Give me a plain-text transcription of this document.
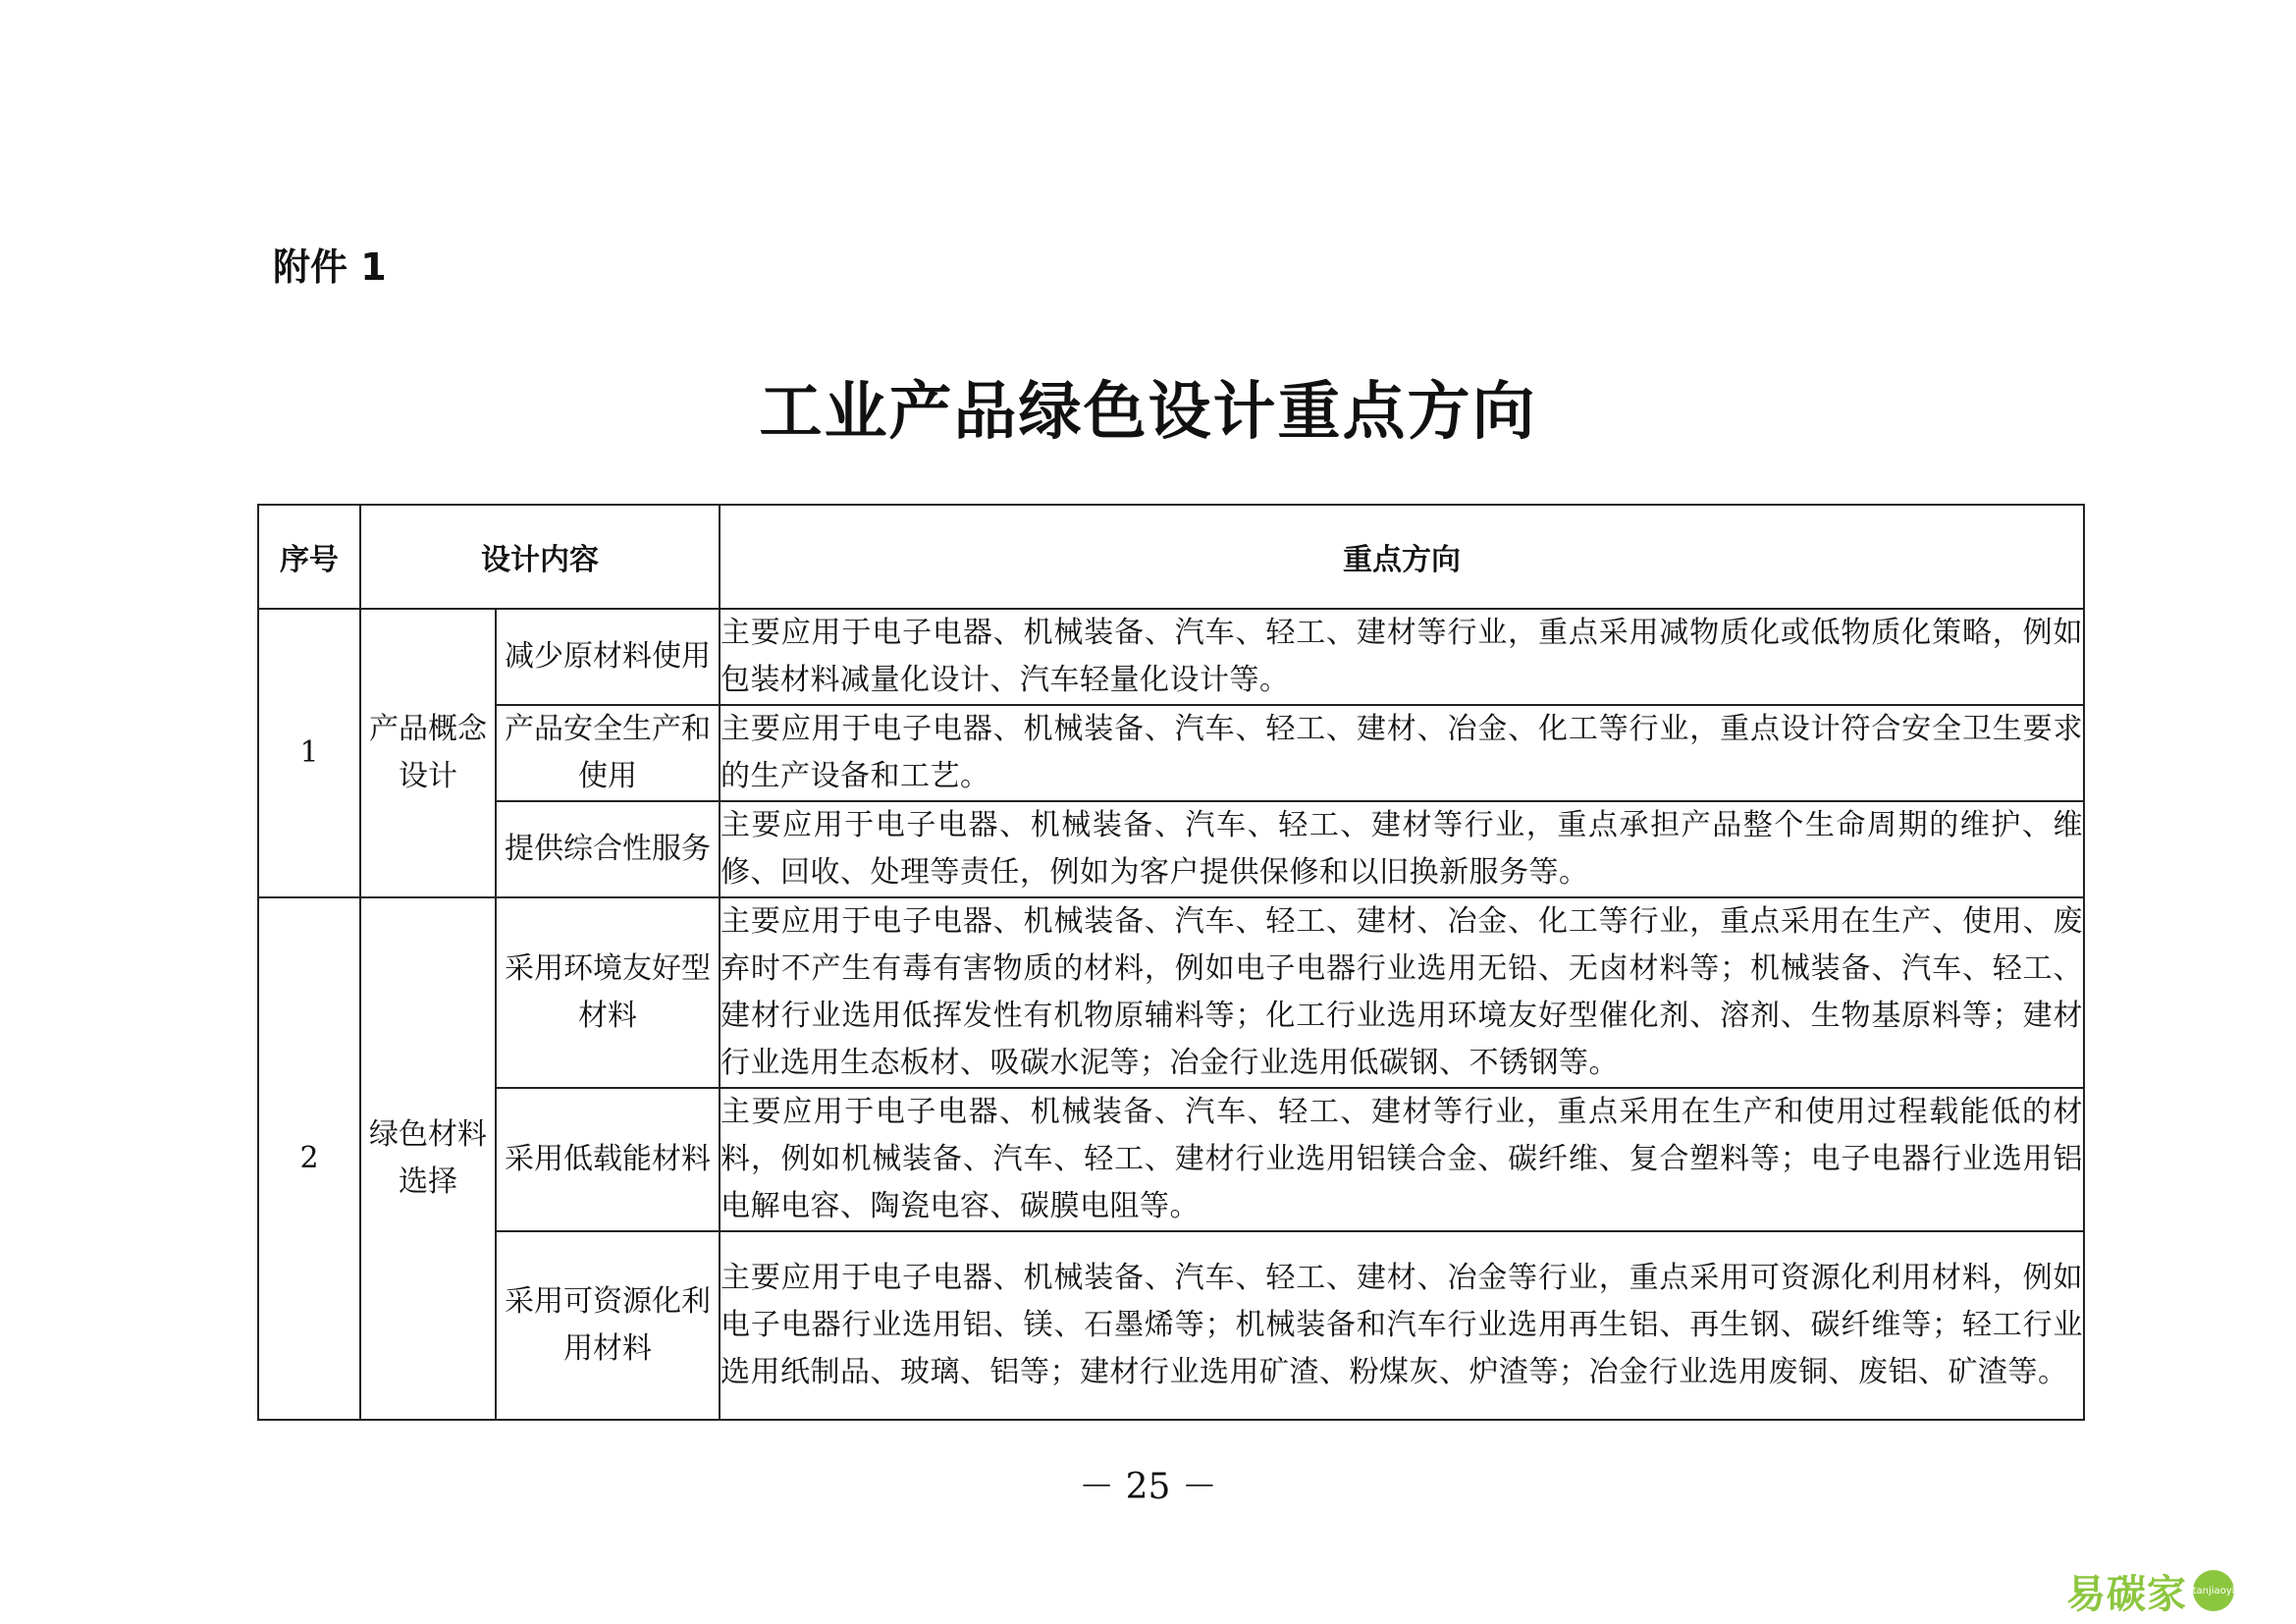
附件 1
工业产品绿色设计重点方向
序号	设计内容		重点方向
1	产品概念设计	减少原材料使用	主要应用于电子电器、机械装备、汽车、轻工、建材等行业，重点采用减物质化或低物质化策略，例如包装材料减量化设计、汽车轻量化设计等。
		产品安全生产和使用	主要应用于电子电器、机械装备、汽车、轻工、建材、冶金、化工等行业，重点设计符合安全卫生要求的生产设备和工艺。
		提供综合性服务	主要应用于电子电器、机械装备、汽车、轻工、建材等行业，重点承担产品整个生命周期的维护、维修、回收、处理等责任，例如为客户提供保修和以旧换新服务等。
2	绿色材料选择	采用环境友好型材料	主要应用于电子电器、机械装备、汽车、轻工、建材、冶金、化工等行业，重点采用在生产、使用、废弃时不产生有毒有害物质的材料，例如电子电器行业选用无铅、无卤材料等；机械装备、汽车、轻工、建材行业选用低挥发性有机物原辅料等；化工行业选用环境友好型催化剂、溶剂、生物基原料等；建材行业选用生态板材、吸碳水泥等；冶金行业选用低碳钢、不锈钢等。
		采用低载能材料	主要应用于电子电器、机械装备、汽车、轻工、建材等行业，重点采用在生产和使用过程载能低的材料，例如机械装备、汽车、轻工、建材行业选用铝镁合金、碳纤维、复合塑料等；电子电器行业选用铝电解电容、陶瓷电容、碳膜电阻等。
		采用可资源化利用材料	主要应用于电子电器、机械装备、汽车、轻工、建材、冶金等行业，重点采用可资源化利用材料，例如电子电器行业选用铝、镁、石墨烯等；机械装备和汽车行业选用再生铝、再生钢、碳纤维等；轻工行业选用纸制品、玻璃、铝等；建材行业选用矿渣、粉煤灰、炉渣等；冶金行业选用废铜、废铝、矿渣等。
－ 25 －
易碳家 tanjiaoyi
